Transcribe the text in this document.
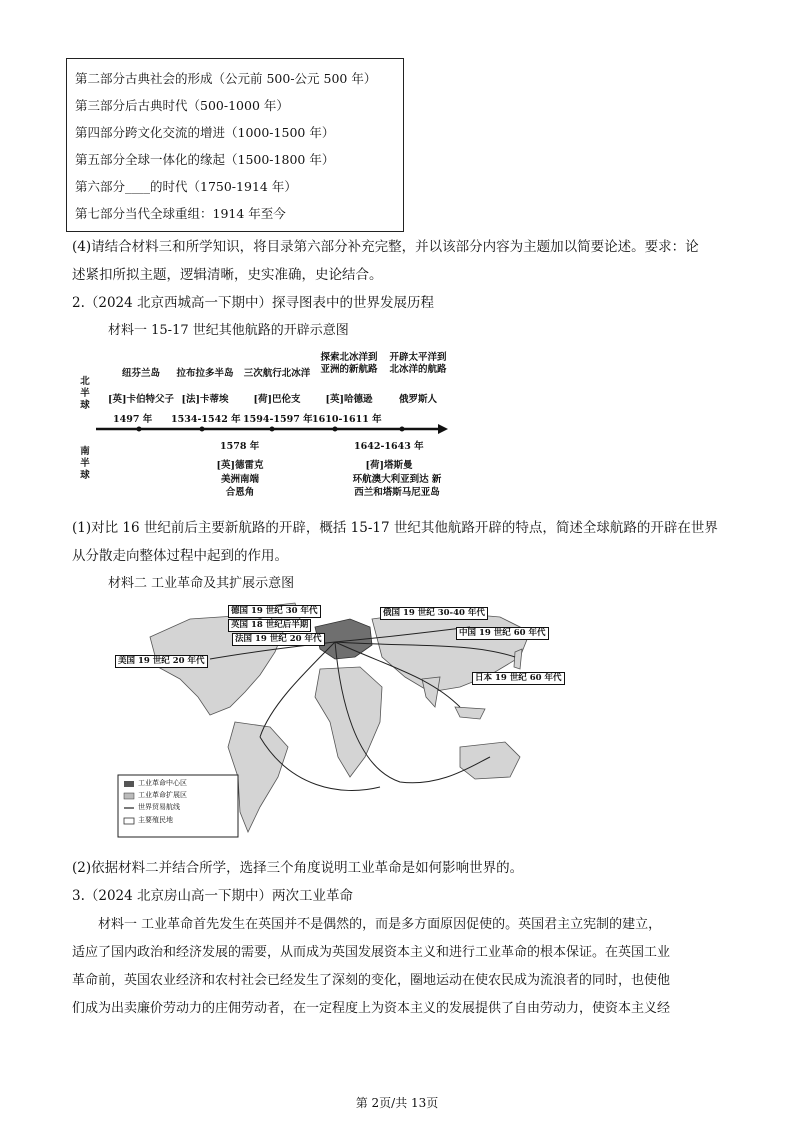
第二部分古典社会的形成（公元前 500-公元 500 年）
第三部分后古典时代（500-1000 年）
第四部分跨文化交流的增进（1000-1500 年）
第五部分全球一体化的缘起（1500-1800 年）
第六部分____的时代（1750-1914 年）
第七部分当代全球重组：1914 年至今
(4)请结合材料三和所学知识，将目录第六部分补充完整，并以该部分内容为主题加以简要论述。要求：论
述紧扣所拟主题，逻辑清晰，史实准确，史论结合。
2.（2024 北京西城高一下期中）探寻图表中的世界发展历程
材料一 15-17 世纪其他航路的开辟示意图
北
半
球
南
半
球
纽芬兰岛
[英]卡伯特父子
1497 年
拉布拉多半岛
[法]卡蒂埃
1534-1542 年
三次航行北冰洋
[荷]巴伦支
1594-1597 年
探索北冰洋到
亚洲的新航路
[英]哈德逊
1610-1611 年
开辟太平洋到
北冰洋的航路
俄罗斯人
1578 年
[英]德雷克
美洲南端
合恩角
1642-1643 年
[荷]塔斯曼
环航澳大利亚到达 新
西兰和塔斯马尼亚岛
(1)对比 16 世纪前后主要新航路的开辟，概括 15-17 世纪其他航路开辟的特点，简述全球航路的开辟在世界
从分散走向整体过程中起到的作用。
材料二 工业革命及其扩展示意图
工业革命中心区
工业革命扩展区
世界贸易航线
主要殖民地
德国 19 世纪 30 年代
英国 18 世纪后半期
法国 19 世纪 20 年代
美国 19 世纪 20 年代
俄国 19 世纪 30-40 年代
中国 19 世纪 60 年代
日本 19 世纪 60 年代
(2)依据材料二并结合所学，选择三个角度说明工业革命是如何影响世界的。
3.（2024 北京房山高一下期中）两次工业革命
材料一 工业革命首先发生在英国并不是偶然的，而是多方面原因促使的。英国君主立宪制的建立，
适应了国内政治和经济发展的需要，从而成为英国发展资本主义和进行工业革命的根本保证。在英国工业
革命前，英国农业经济和农村社会已经发生了深刻的变化，圈地运动在使农民成为流浪者的同时，也使他
们成为出卖廉价劳动力的庄佣劳动者，在一定程度上为资本主义的发展提供了自由劳动力，使资本主义经
第 2页/共 13页
